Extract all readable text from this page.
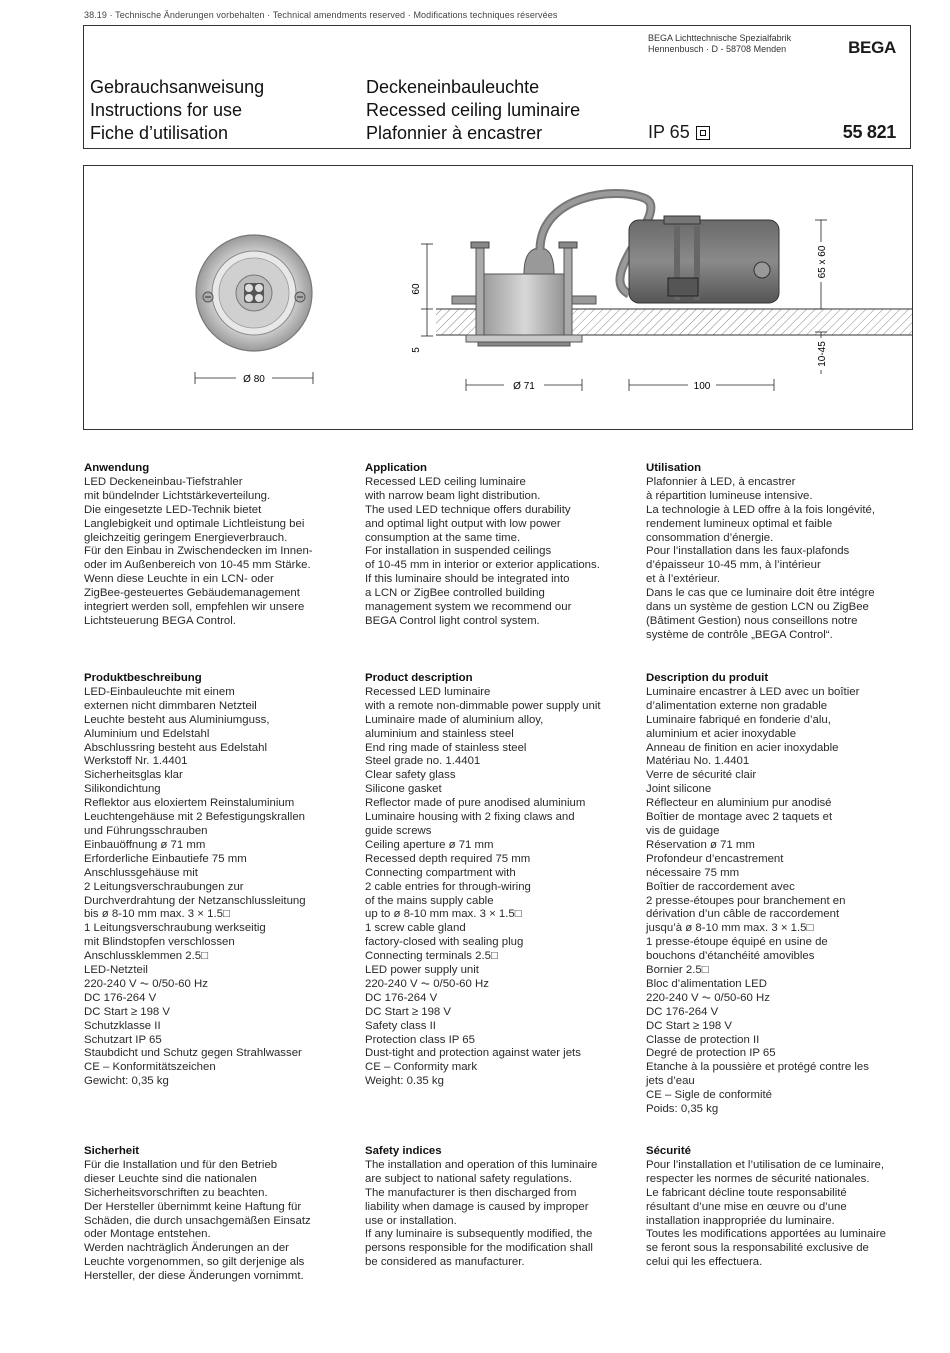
38.19 · Technische Änderungen vorbehalten · Technical amendments reserved · Modifications techniques réservées
BEGA Lichttechnische Spezialfabrik
Hennenbusch · D - 58708 Menden	BEGA
Gebrauchsanweisung
Instructions for use
Fiche d’utilisation
Deckeneinbauleuchte
Recessed ceiling luminaire
Plafonnier à encastrer	IP 65	55 821
Ø 80
60
5
Ø 71	100
65 x 60
10-45
Anwendung
LED Deckeneinbau-Tiefstrahler
mit bündelnder Lichtstärkeverteilung.
Die eingesetzte LED-Technik bietet
Langlebigkeit und optimale Lichtleistung bei
gleichzeitig geringem Energieverbrauch.
Für den Einbau in Zwischendecken im Innen-
oder im Außenbereich von 10-45 mm Stärke.
Wenn diese Leuchte in ein LCN- oder
ZigBee-gesteuertes Gebäudemanagement
integriert werden soll, empfehlen wir unsere
Lichtsteuerung BEGA Control.
Produktbeschreibung
LED-Einbauleuchte mit einem
externen nicht dimmbaren Netzteil
Leuchte besteht aus Aluminiumguss,
Aluminium und Edelstahl
Abschlussring besteht aus Edelstahl
Werkstoff Nr. 1.4401
Sicherheitsglas klar
Silikondichtung
Reflektor aus eloxiertem Reinstaluminium
Leuchtengehäuse mit 2 Befestigungskrallen
und Führungsschrauben
Einbauöffnung ø 71 mm
Erforderliche Einbautiefe 75 mm
Anschlussgehäuse mit
2 Leitungsverschraubungen zur
Durchverdrahtung der Netzanschlussleitung
bis ø 8-10 mm max. 3 × 1.5□
1 Leitungsverschraubung werkseitig
mit Blindstopfen verschlossen
Anschlussklemmen 2.5□
LED-Netzteil
220-240 V ⏦ 0/50-60 Hz
DC 176-264 V
DC Start ≥ 198 V
Schutzklasse II
Schutzart IP 65
Staubdicht und Schutz gegen Strahlwasser
CE – Konformitätszeichen
Gewicht: 0,35 kg
Sicherheit
Für die Installation und für den Betrieb
dieser Leuchte sind die nationalen
Sicherheitsvorschriften zu beachten.
Der Hersteller übernimmt keine Haftung für
Schäden, die durch unsachgemäßen Einsatz
oder Montage entstehen.
Werden nachträglich Änderungen an der
Leuchte vorgenommen, so gilt derjenige als
Hersteller, der diese Änderungen vornimmt.
Application
Recessed LED ceiling luminaire
with narrow beam light distribution.
The used LED technique offers durability
and optimal light output with low power
consumption at the same time.
For installation in suspended ceilings
of 10-45 mm in interior or exterior applications.
If this luminaire should be integrated into
a LCN or ZigBee controlled building
management system we recommend our
BEGA Control light control system.
Product description
Recessed LED luminaire
with a remote non-dimmable power supply unit
Luminaire made of aluminium alloy,
aluminium and stainless steel
End ring made of stainless steel
Steel grade no. 1.4401
Clear safety glass
Silicone gasket
Reflector made of pure anodised aluminium
Luminaire housing with 2 fixing claws and
guide screws
Ceiling aperture ø 71 mm
Recessed depth required 75 mm
Connecting compartment with
2 cable entries for through-wiring
of the mains supply cable
up to ø 8-10 mm max. 3 × 1.5□
1 screw cable gland
factory-closed with sealing plug
Connecting terminals 2.5□
LED power supply unit
220-240 V ⏦ 0/50-60 Hz
DC 176-264 V
DC Start ≥ 198 V
Safety class II
Protection class IP 65
Dust-tight and protection against water jets
CE – Conformity mark
Weight: 0.35 kg
Safety indices
The installation and operation of this luminaire
are subject to national safety regulations.
The manufacturer is then discharged from
liability when damage is caused by improper
use or installation.
If any luminaire is subsequently modified, the
persons responsible for the modification shall
be considered as manufacturer.
Utilisation
Plafonnier à LED, à encastrer
à répartition lumineuse intensive.
La technologie à LED offre à la fois longévité,
rendement lumineux optimal et faible
consommation d’énergie.
Pour l’installation dans les faux-plafonds
d’épaisseur 10-45 mm, à l’intérieur
et à l’extérieur.
Dans le cas que ce luminaire doit être intégre
dans un système de gestion LCN ou ZigBee
(Bâtiment Gestion) nous conseillons notre
système de contrôle „BEGA Control“.
Description du produit
Luminaire encastrer à LED avec un boîtier
d’alimentation externe non gradable
Luminaire fabriqué en fonderie d’alu,
aluminium et acier inoxydable
Anneau de finition en acier inoxydable
Matériau No. 1.4401
Verre de sécurité clair
Joint silicone
Réflecteur en aluminium pur anodisé
Boîtier de montage avec 2 taquets et
vis de guidage
Réservation ø 71 mm
Profondeur d’encastrement
nécessaire 75 mm
Boîtier de raccordement avec
2 presse-étoupes pour branchement en
dérivation d’un câble de raccordement
jusqu’à ø 8-10 mm max. 3 × 1.5□
1 presse-étoupe équipé en usine de
bouchons d’étanchéité amovibles
Bornier 2.5□
Bloc d’alimentation LED
220-240 V ⏦ 0/50-60 Hz
DC 176-264 V
DC Start ≥ 198 V
Classe de protection II
Degré de protection IP 65
Etanche à la poussière et protégé contre les
jets d’eau
CE – Sigle de conformité
Poids: 0,35 kg
Sécurité
Pour l’installation et l’utilisation de ce luminaire,
respecter les normes de sécurité nationales.
Le fabricant décline toute responsabilité
résultant d’une mise en œuvre ou d’une
installation inappropriée du luminaire.
Toutes les modifications apportées au luminaire
se feront sous la responsabilité exclusive de
celui qui les effectuera.
